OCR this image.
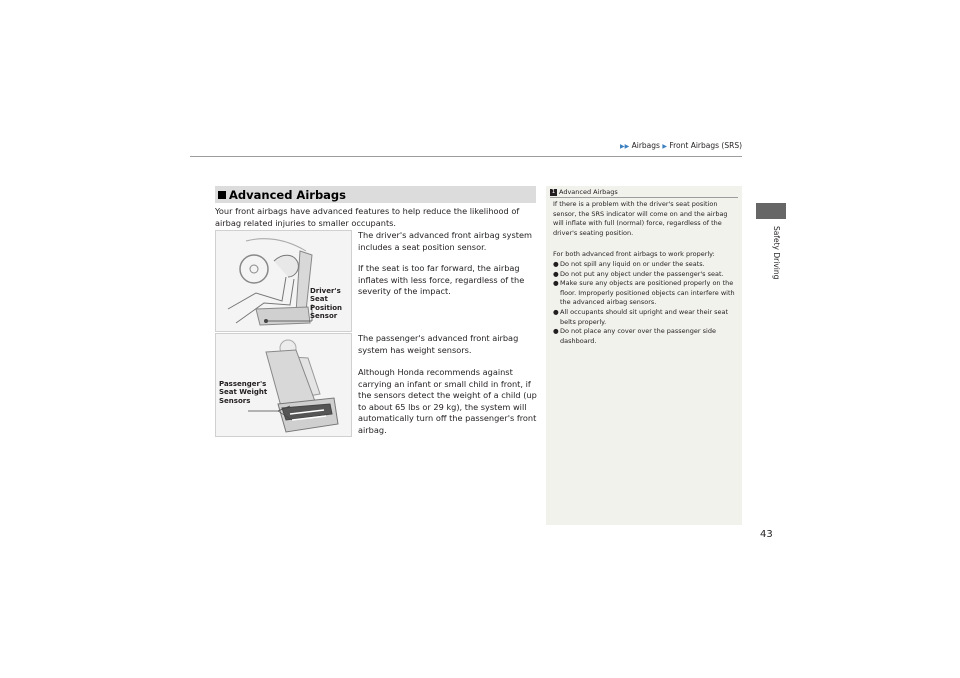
▶▶ Airbags ▶ Front Airbags (SRS)
Safety Driving
Advanced Airbags
Your front airbags have advanced features to help reduce the likelihood of airbag related injuries to smaller occupants.
Driver's Seat Position Sensor
The driver's advanced front airbag system includes a seat position sensor.
If the seat is too far forward, the airbag inflates with less force, regardless of the severity of the impact.
Passenger's Seat Weight Sensors
The passenger's advanced front airbag system has weight sensors.
Although Honda recommends against carrying an infant or small child in front, if the sensors detect the weight of a child (up to about 65 lbs or 29 kg), the system will automatically turn off the passenger's front airbag.
1 Advanced Airbags
If there is a problem with the driver's seat position sensor, the SRS indicator will come on and the airbag will inflate with full (normal) force, regardless of the driver's seating position.
For both advanced front airbags to work properly:
●Do not spill any liquid on or under the seats.
●Do not put any object under the passenger's seat.
●Make sure any objects are positioned properly on the floor. Improperly positioned objects can interfere with the advanced airbag sensors.
●All occupants should sit upright and wear their seat belts properly.
●Do not place any cover over the passenger side dashboard.
43
